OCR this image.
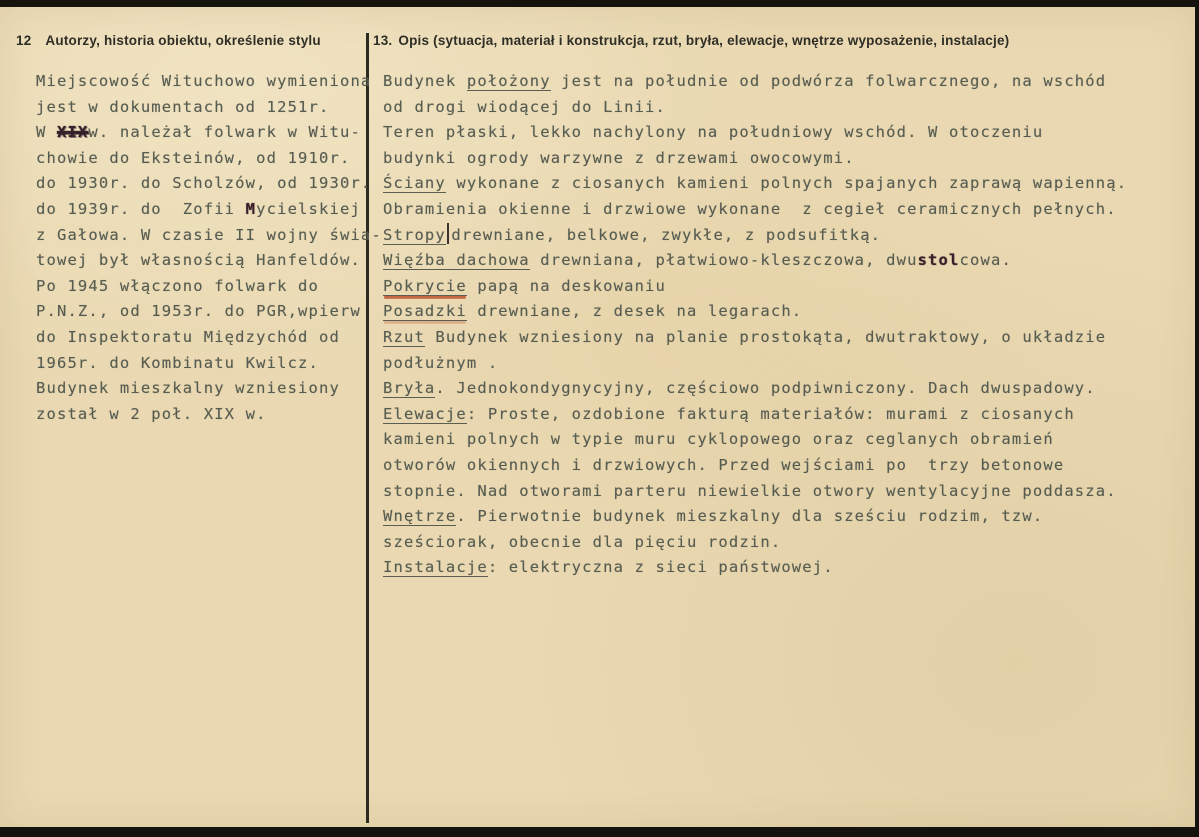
12 Autorzy, historia obiektu, określenie stylu	13. Opis (sytuacja, materiał i konstrukcja, rzut, bryła, elewacje, wnętrze wyposażenie, instalacje)
Miejscowość Wituchowo wymieniona
jest w dokumentach od 1251r.
W XIXw. należał folwark w Witu-
chowie do Eksteinów, od 1910r.
do 1930r. do Scholzów, od 1930r.
do 1939r. do  Zofii Mycielskiej
z Gałowa. W czasie II wojny świa-
towej był własnością Hanfeldów.
Po 1945 włączono folwark do
P.N.Z., od 1953r. do PGR,wpierw
do Inspektoratu Międzychód od
1965r. do Kombinatu Kwilcz.
Budynek mieszkalny wzniesiony
został w 2 poł. XIX w.
Budynek położony jest na południe od podwórza folwarcznego, na wschód
od drogi wiodącej do Linii.
Teren płaski, lekko nachylony na południowy wschód. W otoczeniu
budynki ogrody warzywne z drzewami owocowymi.
Ściany wykonane z ciosanych kamieni polnych spajanych zaprawą wapienną.
Obramienia okienne i drzwiowe wykonane  z cegieł ceramicznych pełnych.
Stropy drewniane, belkowe, zwykłe, z podsufitką.
Więźba dachowa drewniana, płatwiowo-kleszczowa, dwustolcowa.
Pokrycie papą na deskowaniu
Posadzki drewniane, z desek na legarach.
Rzut Budynek wzniesiony na planie prostokąta, dwutraktowy, o układzie
podłużnym .
Bryła. Jednokondygnycyjny, częściowo podpiwniczony. Dach dwuspadowy.
Elewacje: Proste, ozdobione fakturą materiałów: murami z ciosanych
kamieni polnych w typie muru cyklopowego oraz ceglanych obramień
otworów okiennych i drzwiowych. Przed wejściami po  trzy betonowe
stopnie. Nad otworami parteru niewielkie otwory wentylacyjne poddasza.
Wnętrze. Pierwotnie budynek mieszkalny dla sześciu rodzim, tzw.
sześciorak, obecnie dla pięciu rodzin.
Instalacje: elektryczna z sieci państwowej.
